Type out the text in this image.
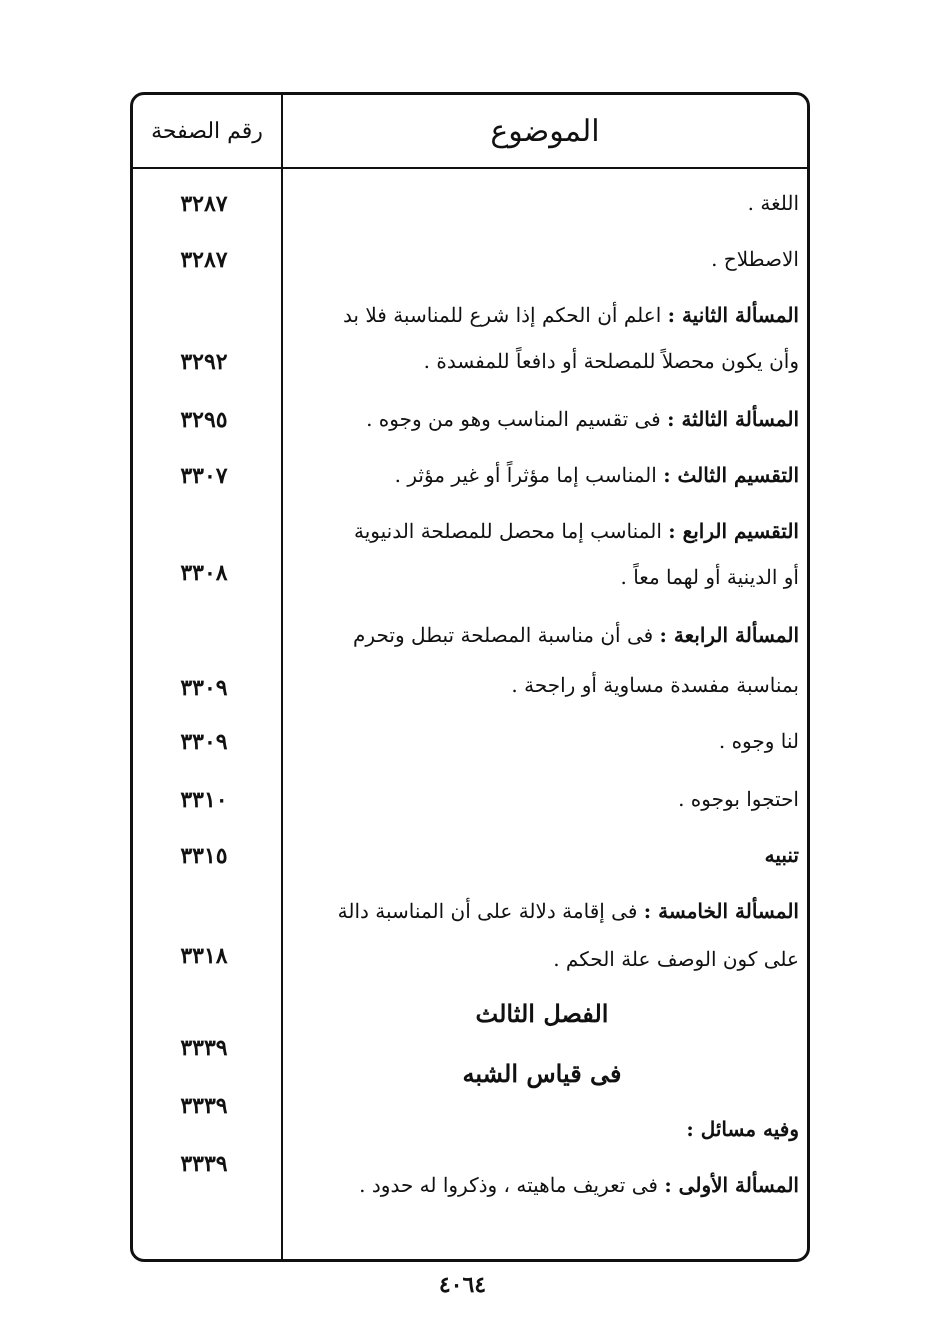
الموضوع
رقم الصفحة
اللغة .
٣٢٨٧
الاصطلاح .
٣٢٨٧
المسألة الثانية : اعلم أن الحكم إذا شرع للمناسبة فلا بد
وأن يكون محصلاً للمصلحة أو دافعاً للمفسدة .
٣٢٩٢
المسألة الثالثة : فى تقسيم المناسب وهو من وجوه .
٣٢٩٥
التقسيم الثالث : المناسب إما مؤثراً أو غير مؤثر .
٣٣٠٧
التقسيم الرابع : المناسب إما محصل للمصلحة الدنيوية
أو الدينية أو لهما معاً .
٣٣٠٨
المسألة الرابعة : فى أن مناسبة المصلحة تبطل وتحرم
بمناسبة مفسدة مساوية أو راجحة .
٣٣٠٩
لنا وجوه .
٣٣٠٩
احتجوا بوجوه .
٣٣١٠
تنبيه
٣٣١٥
المسألة الخامسة : فى إقامة دلالة على أن المناسبة دالة
على كون الوصف علة الحكم .
٣٣١٨
الفصل الثالث
٣٣٣٩
فى قياس الشبه
وفيه مسائل :
٣٣٣٩
المسألة الأولى : فى تعريف ماهيته ، وذكروا له حدود .
٣٣٣٩
٤٠٦٤
